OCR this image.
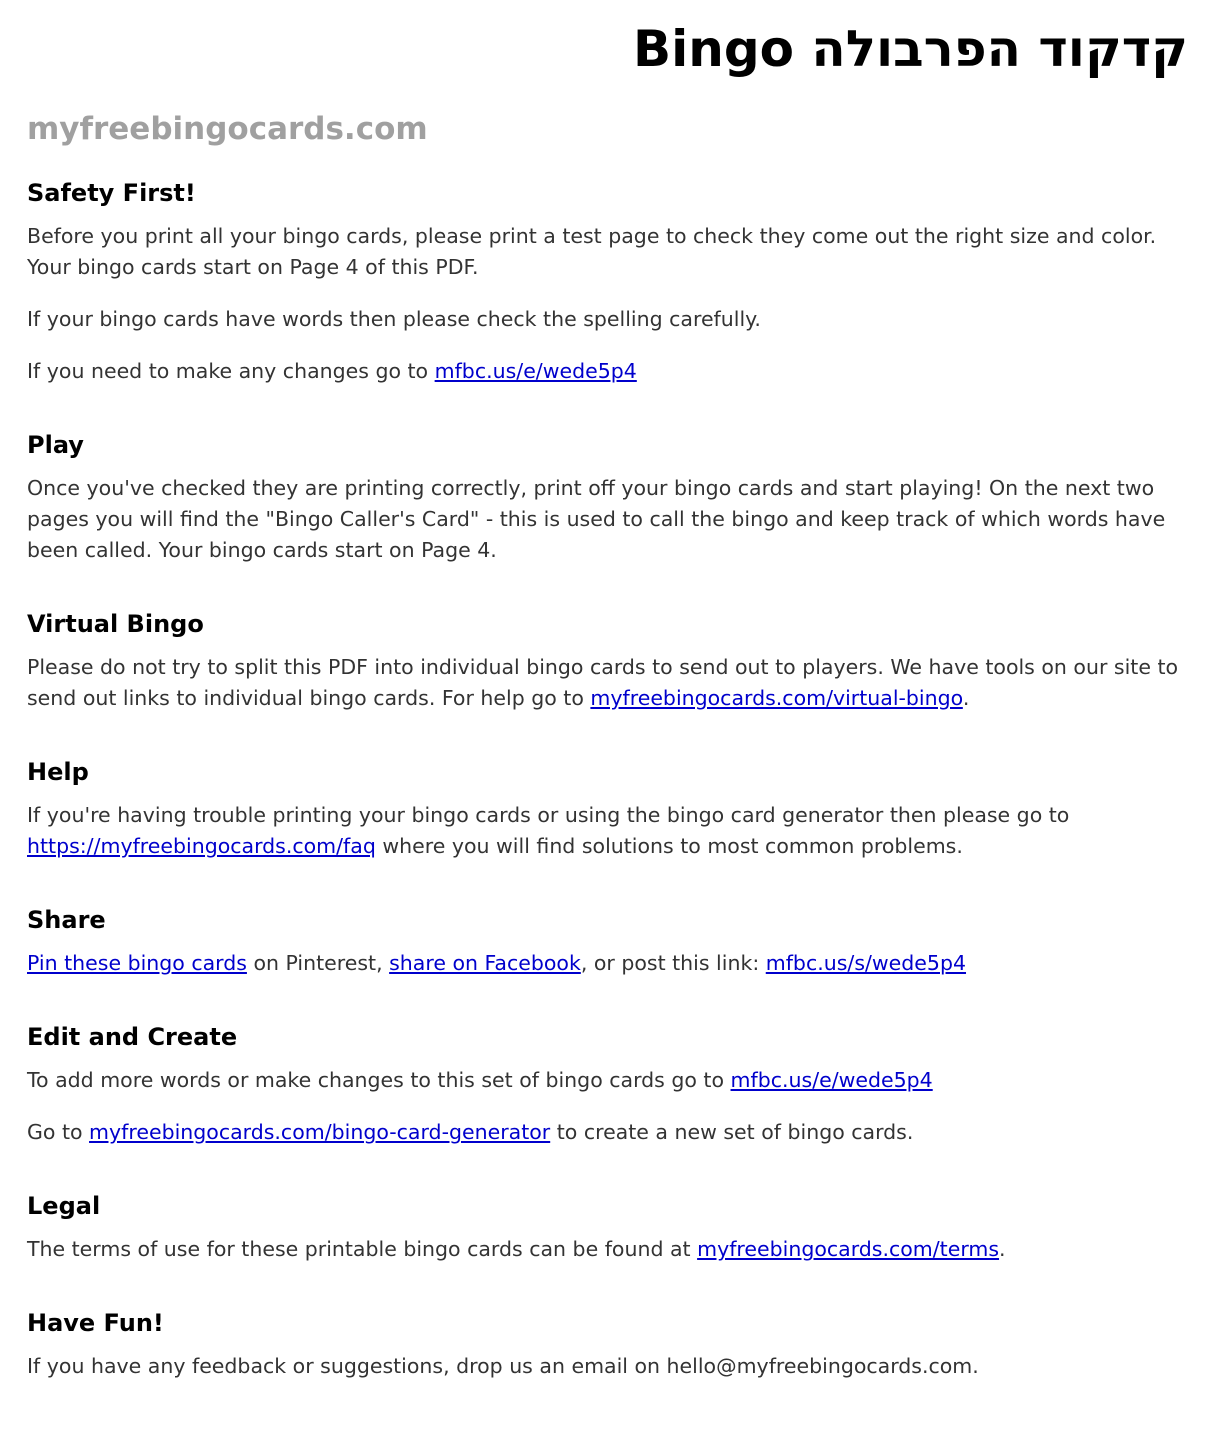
קדקוד הפרבולה Bingo
myfreebingocards.com
Safety First!

Before you print all your bingo cards, please print a test page to check they come out the right size and color.
Your bingo cards start on Page 4 of this PDF.

If your bingo cards have words then please check the spelling carefully.

If you need to make any changes go to mfbc.us/e/wede5p4

Play

Once you've checked they are printing correctly, print off your bingo cards and start playing! On the next two
pages you will find the "Bingo Caller's Card" - this is used to call the bingo and keep track of which words have
been called. Your bingo cards start on Page 4.

Virtual Bingo

Please do not try to split this PDF into individual bingo cards to send out to players. We have tools on our site to
send out links to individual bingo cards. For help go to myfreebingocards.com/virtual-bingo.

Help

If you're having trouble printing your bingo cards or using the bingo card generator then please go to
https://myfreebingocards.com/faq where you will find solutions to most common problems.

Share

Pin these bingo cards on Pinterest, share on Facebook, or post this link: mfbc.us/s/wede5p4

Edit and Create

To add more words or make changes to this set of bingo cards go to mfbc.us/e/wede5p4

Go to myfreebingocards.com/bingo-card-generator to create a new set of bingo cards.

Legal

The terms of use for these printable bingo cards can be found at myfreebingocards.com/terms.

Have Fun!

If you have any feedback or suggestions, drop us an email on hello@myfreebingocards.com.
